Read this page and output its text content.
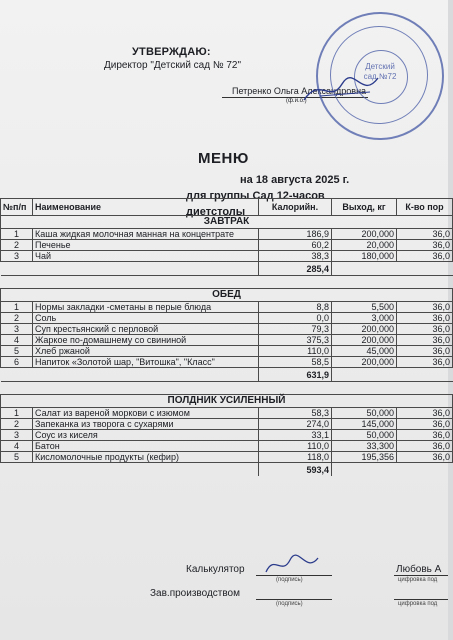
УТВЕРЖДАЮ:
Директор "Детский сад № 72"
Петренко Ольга Александровна
(ф.и.о.)
Детский
сад №72
МЕНЮ
на 18 августа 2025 г.
для группы Сад 12-часов
диетстолы
№п/п	Наименование	Калорийн.	Выход, кг	К-во пор
ЗАВТРАК				
1	Каша жидкая молочная манная на концентрате	186,9	200,000	36,0
2	Печенье	60,2	20,000	36,0
3	Чай	38,3	180,000	36,0
		285,4		

ОБЕД				
1	Нормы закладки -сметаны в перые блюда	8,8	5,500	36,0
2	Соль	0,0	3,000	36,0
3	Суп крестьянский с перловой	79,3	200,000	36,0
4	Жаркое по-домашнему со свининой	375,3	200,000	36,0
5	Хлеб ржаной	110,0	45,000	36,0
6	Напиток «Золотой шар, "Витошка", "Класс"	58,5	200,000	36,0
		631,9		

ПОЛДНИК УСИЛЕННЫЙ				
1	Салат из вареной моркови с изюмом	58,3	50,000	36,0
2	Запеканка из творога с сухарями	274,0	145,000	36,0
3	Соус из киселя	33,1	50,000	36,0
4	Батон	110,0	33,300	36,0
5	Кисломолочные продукты (кефир)	118,0	195,356	36,0
		593,4		
Калькулятор
(подпись)
Любовь А
цифровка под
Зав.производством
(подпись)	цифровка под
